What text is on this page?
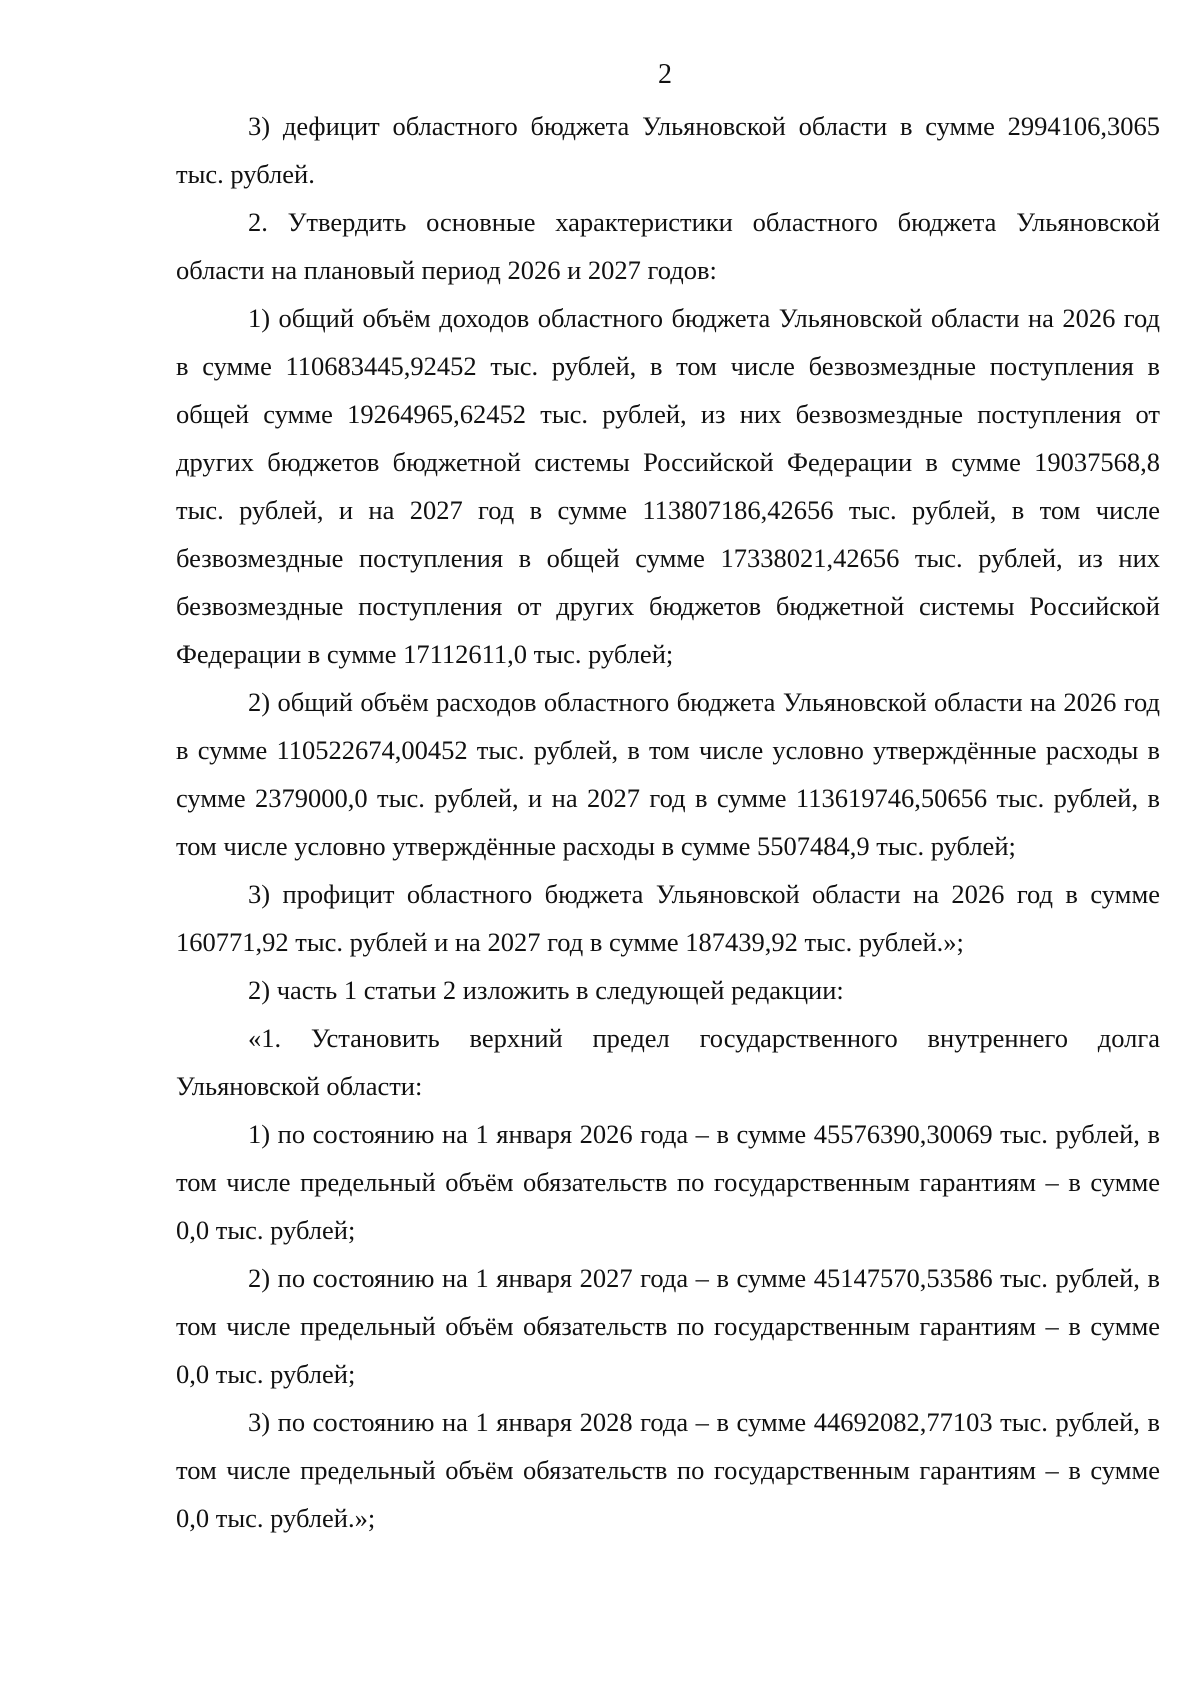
2

3) дефицит областного бюджета Ульяновской области в сумме 2994106,3065 тыс. рублей.

2. Утвердить основные характеристики областного бюджета Ульяновской области на плановый период 2026 и 2027 годов:

1) общий объём доходов областного бюджета Ульяновской области на 2026 год в сумме 110683445,92452 тыс. рублей, в том числе безвозмездные поступления в общей сумме 19264965,62452 тыс. рублей, из них безвозмездные поступления от других бюджетов бюджетной системы Российской Федерации в сумме 19037568,8 тыс. рублей, и на 2027 год в сумме 113807186,42656 тыс. рублей, в том числе безвозмездные поступления в общей сумме 17338021,42656 тыс. рублей, из них безвозмездные поступления от других бюджетов бюджетной системы Российской Федерации в сумме 17112611,0 тыс. рублей;

2) общий объём расходов областного бюджета Ульяновской области на 2026 год в сумме 110522674,00452 тыс. рублей, в том числе условно утверждённые расходы в сумме 2379000,0 тыс. рублей, и на 2027 год в сумме 113619746,50656 тыс. рублей, в том числе условно утверждённые расходы в сумме 5507484,9 тыс. рублей;

3) профицит областного бюджета Ульяновской области на 2026 год в сумме 160771,92 тыс. рублей и на 2027 год в сумме 187439,92 тыс. рублей.»;

2) часть 1 статьи 2 изложить в следующей редакции:

«1. Установить верхний предел государственного внутреннего долга Ульяновской области:

1) по состоянию на 1 января 2026 года – в сумме 45576390,30069 тыс. рублей, в том числе предельный объём обязательств по государственным гарантиям – в сумме 0,0 тыс. рублей;

2) по состоянию на 1 января 2027 года – в сумме 45147570,53586 тыс. рублей, в том числе предельный объём обязательств по государственным гарантиям – в сумме 0,0 тыс. рублей;

3) по состоянию на 1 января 2028 года – в сумме 44692082,77103 тыс. рублей, в том числе предельный объём обязательств по государственным гарантиям – в сумме 0,0 тыс. рублей.»;
